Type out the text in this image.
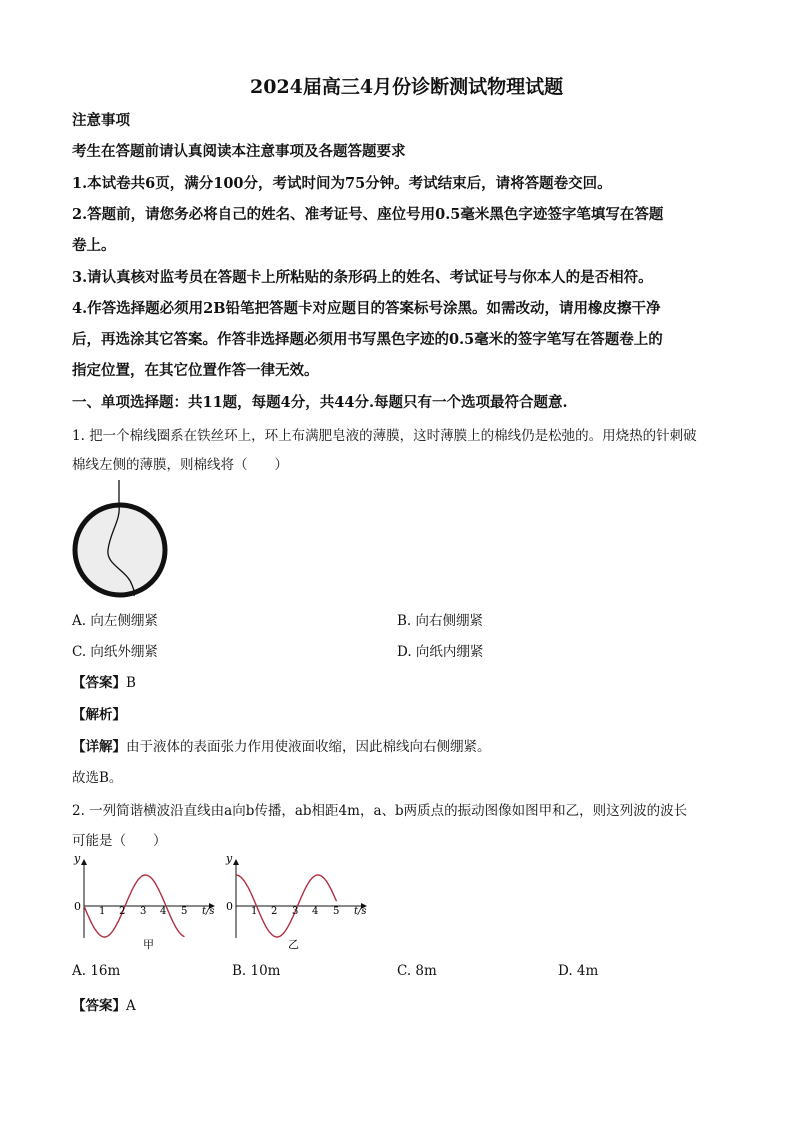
2024届高三4月份诊断测试物理试题
注意事项
考生在答题前请认真阅读本注意事项及各题答题要求
1.本试卷共6页，满分100分，考试时间为75分钟。考试结束后，请将答题卷交回。
2.答题前，请您务必将自己的姓名、准考证号、座位号用0.5毫米黑色字迹签字笔填写在答题
卷上。
3.请认真核对监考员在答题卡上所粘贴的条形码上的姓名、考试证号与你本人的是否相符。
4.作答选择题必须用2B铅笔把答题卡对应题目的答案标号涂黑。如需改动，请用橡皮擦干净
后，再选涂其它答案。作答非选择题必须用书写黑色字迹的0.5毫米的签字笔写在答题卷上的
指定位置，在其它位置作答一律无效。
一、单项选择题：共11题，每题4分，共44分.每题只有一个选项最符合题意.
1. 把一个棉线圈系在铁丝环上，环上布满肥皂液的薄膜，这时薄膜上的棉线仍是松弛的。用烧热的针刺破
棉线左侧的薄膜，则棉线将（　　）
A. 向左侧绷紧	B. 向右侧绷紧
C. 向纸外绷紧	D. 向纸内绷紧
【答案】B
【解析】
【详解】由于液体的表面张力作用使液面收缩，因此棉线向右侧绷紧。
故选B。
2. 一列简谐横波沿直线由a向b传播，ab相距4m，a、b两质点的振动图像如图甲和乙，则这列波的波长
可能是（　　）
y
0 1 2 3 4 5 t/s
甲
y
0 1 2 3 4 5 t/s
乙
A. 16m	B. 10m	C. 8m	D. 4m
【答案】A
